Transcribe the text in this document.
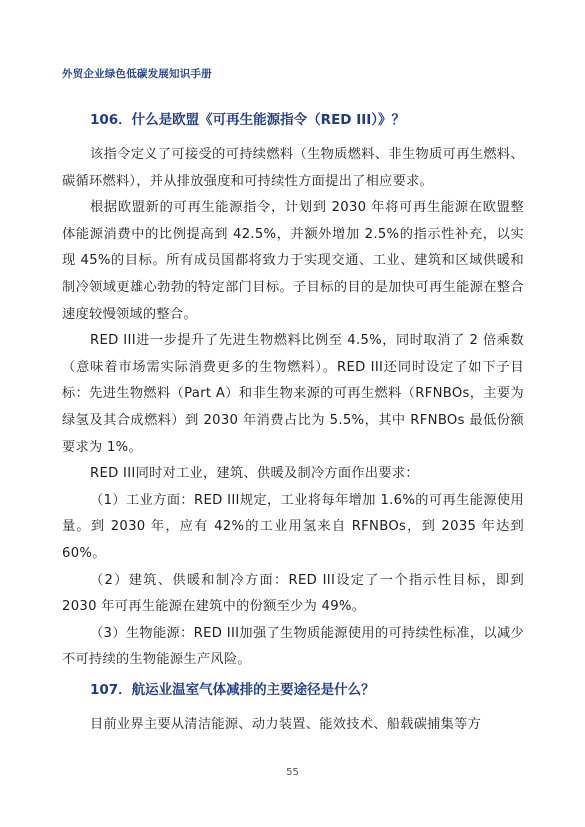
外贸企业绿色低碳发展知识手册
106．什么是欧盟《可再生能源指令（RED III）》？

该指令定义了可接受的可持续燃料（生物质燃料、非生物质可再生燃料、碳循环燃料），并从排放强度和可持续性方面提出了相应要求。

根据欧盟新的可再生能源指令，计划到 2030 年将可再生能源在欧盟整体能源消费中的比例提高到 42.5%，并额外增加 2.5%的指示性补充，以实现 45%的目标。所有成员国都将致力于实现交通、工业、建筑和区域供暖和制冷领域更雄心勃勃的特定部门目标。子目标的目的是加快可再生能源在整合速度较慢领域的整合。

RED III进一步提升了先进生物燃料比例至 4.5%，同时取消了 2 倍乘数（意味着市场需实际消费更多的生物燃料）。RED III还同时设定了如下子目标：先进生物燃料（Part A）和非生物来源的可再生燃料（RFNBOs，主要为绿氢及其合成燃料）到 2030 年消费占比为 5.5%，其中 RFNBOs 最低份额要求为 1%。

RED III同时对工业，建筑、供暖及制冷方面作出要求：

（1）工业方面：RED III规定，工业将每年增加 1.6%的可再生能源使用量。到 2030 年，应有 42%的工业用氢来自 RFNBOs，到 2035 年达到 60%。

（2）建筑、供暖和制冷方面：RED III设定了一个指示性目标，即到 2030 年可再生能源在建筑中的份额至少为 49%。

（3）生物能源：RED III加强了生物质能源使用的可持续性标准，以减少不可持续的生物能源生产风险。

107．航运业温室气体减排的主要途径是什么？

目前业界主要从清洁能源、动力装置、能效技术、船载碳捕集等方

55
